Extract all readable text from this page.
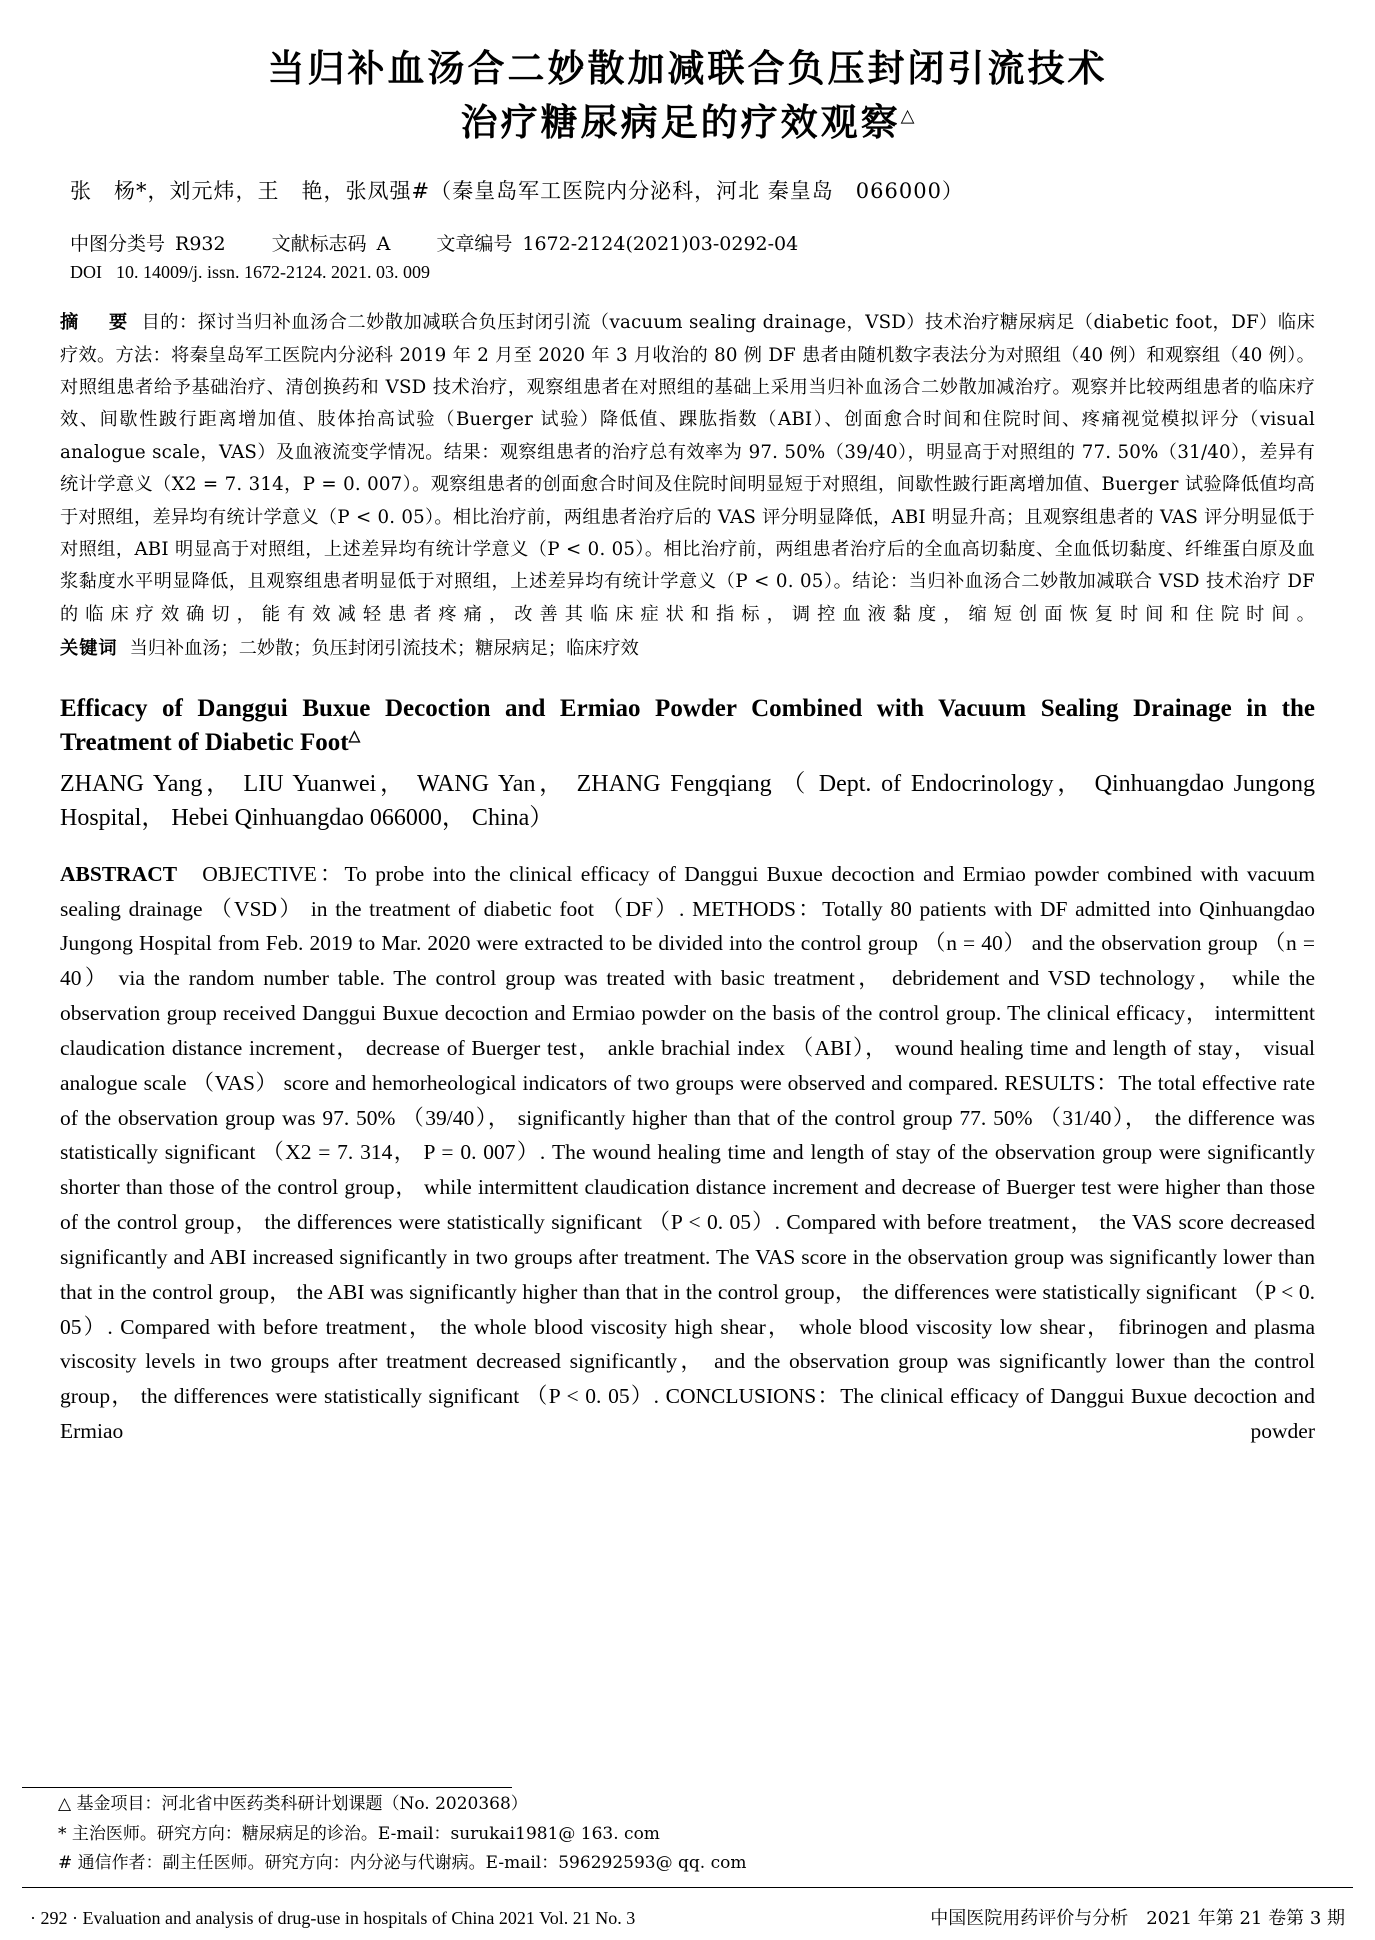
当归补血汤合二妙散加减联合负压封闭引流技术
治疗糖尿病足的疗效观察△
张　杨*，刘元炜，王　艳，张凤强#（秦皇岛军工医院内分泌科，河北 秦皇岛　066000）
中图分类号 R932 文献标志码 A 文章编号 1672-2124(2021)03-0292-04
DOI 10. 14009/j. issn. 1672-2124. 2021. 03. 009
摘　要 目的：探讨当归补血汤合二妙散加减联合负压封闭引流（vacuum sealing drainage，VSD）技术治疗糖尿病足（diabetic foot，DF）临床疗效。方法：将秦皇岛军工医院内分泌科 2019 年 2 月至 2020 年 3 月收治的 80 例 DF 患者由随机数字表法分为对照组（40 例）和观察组（40 例）。对照组患者给予基础治疗、清创换药和 VSD 技术治疗，观察组患者在对照组的基础上采用当归补血汤合二妙散加减治疗。观察并比较两组患者的临床疗效、间歇性跛行距离增加值、肢体抬高试验（Buerger 试验）降低值、踝肱指数（ABI）、创面愈合时间和住院时间、疼痛视觉模拟评分（visual analogue scale，VAS）及血液流变学情况。结果：观察组患者的治疗总有效率为 97. 50%（39/40），明显高于对照组的 77. 50%（31/40），差异有统计学意义（X2 = 7. 314，P = 0. 007）。观察组患者的创面愈合时间及住院时间明显短于对照组，间歇性跛行距离增加值、Buerger 试验降低值均高于对照组，差异均有统计学意义（P < 0. 05）。相比治疗前，两组患者治疗后的 VAS 评分明显降低，ABI 明显升高；且观察组患者的 VAS 评分明显低于对照组，ABI 明显高于对照组，上述差异均有统计学意义（P < 0. 05）。相比治疗前，两组患者治疗后的全血高切黏度、全血低切黏度、纤维蛋白原及血浆黏度水平明显降低，且观察组患者明显低于对照组，上述差异均有统计学意义（P < 0. 05）。结论：当归补血汤合二妙散加减联合 VSD 技术治疗 DF 的临床疗效确切，能有效减轻患者疼痛，改善其临床症状和指标，调控血液黏度，缩短创面恢复时间和住院时间。
关键词 当归补血汤；二妙散；负压封闭引流技术；糖尿病足；临床疗效
Efficacy of Danggui Buxue Decoction and Ermiao Powder Combined with Vacuum Sealing Drainage in the Treatment of Diabetic Foot△
ZHANG Yang， LIU Yuanwei， WANG Yan， ZHANG Fengqiang （ Dept. of Endocrinology， Qinhuangdao Jungong Hospital， Hebei Qinhuangdao 066000， China）
ABSTRACT OBJECTIVE：To probe into the clinical efficacy of Danggui Buxue decoction and Ermiao powder combined with vacuum sealing drainage （VSD） in the treatment of diabetic foot （DF）. METHODS：Totally 80 patients with DF admitted into Qinhuangdao Jungong Hospital from Feb. 2019 to Mar. 2020 were extracted to be divided into the control group （n = 40） and the observation group （n = 40） via the random number table. The control group was treated with basic treatment， debridement and VSD technology， while the observation group received Danggui Buxue decoction and Ermiao powder on the basis of the control group. The clinical efficacy， intermittent claudication distance increment， decrease of Buerger test， ankle brachial index （ABI）， wound healing time and length of stay， visual analogue scale （VAS） score and hemorheological indicators of two groups were observed and compared. RESULTS：The total effective rate of the observation group was 97. 50% （39/40）， significantly higher than that of the control group 77. 50% （31/40）， the difference was statistically significant （X2 = 7. 314， P = 0. 007）. The wound healing time and length of stay of the observation group were significantly shorter than those of the control group， while intermittent claudication distance increment and decrease of Buerger test were higher than those of the control group， the differences were statistically significant （P < 0. 05）. Compared with before treatment， the VAS score decreased significantly and ABI increased significantly in two groups after treatment. The VAS score in the observation group was significantly lower than that in the control group， the ABI was significantly higher than that in the control group， the differences were statistically significant （P < 0. 05）. Compared with before treatment， the whole blood viscosity high shear， whole blood viscosity low shear， fibrinogen and plasma viscosity levels in two groups after treatment decreased significantly， and the observation group was significantly lower than the control group， the differences were statistically significant （P < 0. 05）. CONCLUSIONS：The clinical efficacy of Danggui Buxue decoction and Ermiao powder
△ 基金项目：河北省中医药类科研计划课题（No. 2020368）
* 主治医师。研究方向：糖尿病足的诊治。E-mail：surukai1981@ 163. com
# 通信作者：副主任医师。研究方向：内分泌与代谢病。E-mail：596292593@ qq. com
· 292 · Evaluation and analysis of drug-use in hospitals of China 2021 Vol. 21 No. 3	中国医院用药评价与分析　2021 年第 21 卷第 3 期
